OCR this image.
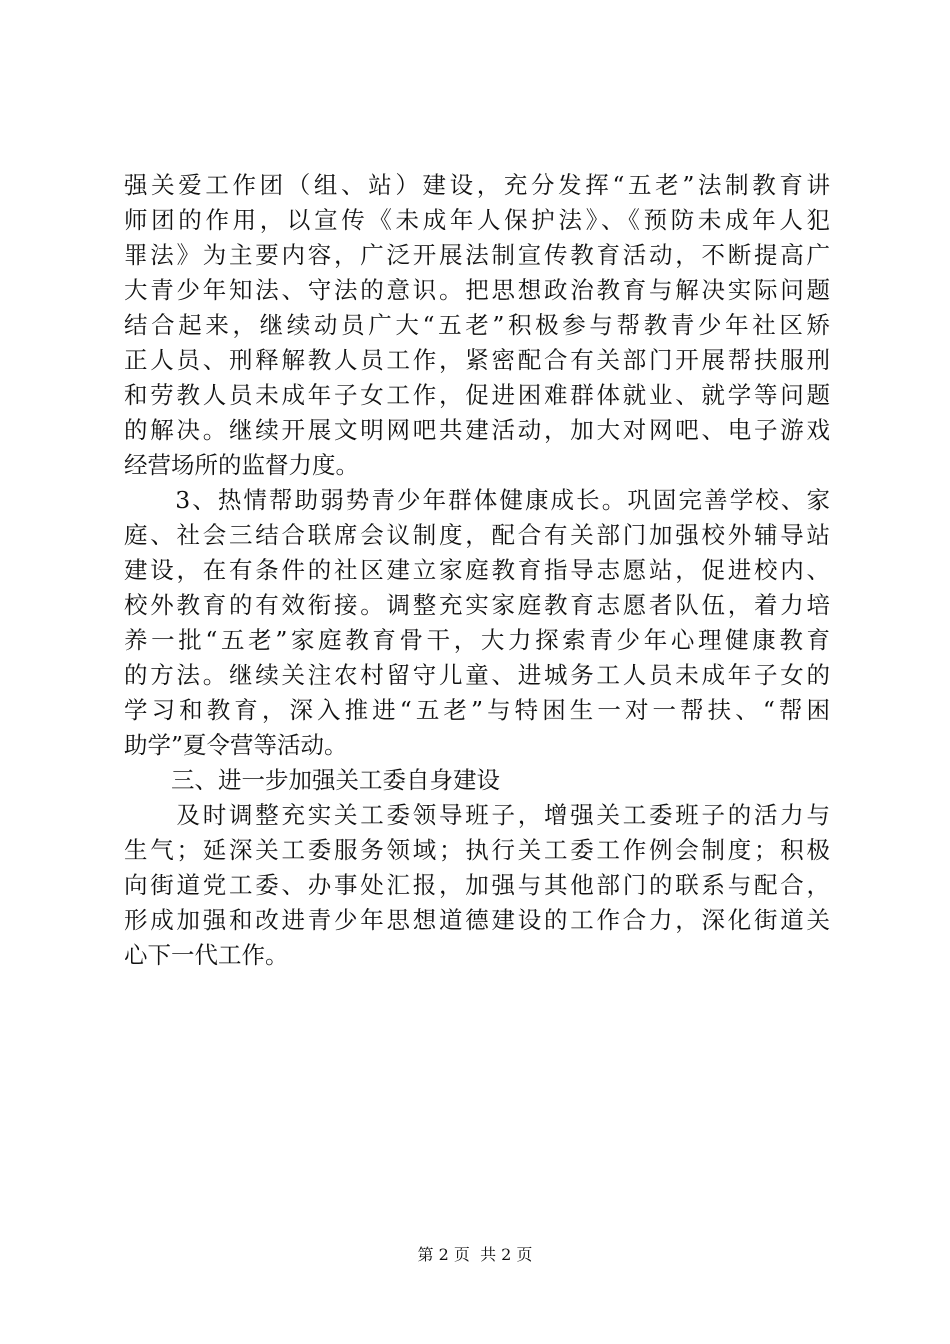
强关爱工作团（组、站）建设，充分发挥“五老”法制教育讲
师团的作用，以宣传《未成年人保护法》、《预防未成年人犯
罪法》为主要内容，广泛开展法制宣传教育活动，不断提高广
大青少年知法、守法的意识。把思想政治教育与解决实际问题
结合起来，继续动员广大“五老”积极参与帮教青少年社区矫
正人员、刑释解教人员工作，紧密配合有关部门开展帮扶服刑
和劳教人员未成年子女工作，促进困难群体就业、就学等问题
的解决。继续开展文明网吧共建活动，加大对网吧、电子游戏
经营场所的监督力度。
　　3、热情帮助弱势青少年群体健康成长。巩固完善学校、家
庭、社会三结合联席会议制度，配合有关部门加强校外辅导站
建设，在有条件的社区建立家庭教育指导志愿站，促进校内、
校外教育的有效衔接。调整充实家庭教育志愿者队伍，着力培
养一批“五老”家庭教育骨干，大力探索青少年心理健康教育
的方法。继续关注农村留守儿童、进城务工人员未成年子女的
学习和教育，深入推进“五老”与特困生一对一帮扶、“帮困
助学”夏令营等活动。
　　三、进一步加强关工委自身建设
　　及时调整充实关工委领导班子，增强关工委班子的活力与
生气；延深关工委服务领域；执行关工委工作例会制度；积极
向街道党工委、办事处汇报，加强与其他部门的联系与配合，
形成加强和改进青少年思想道德建设的工作合力，深化街道关
心下一代工作。
第 2 页 共 2 页
